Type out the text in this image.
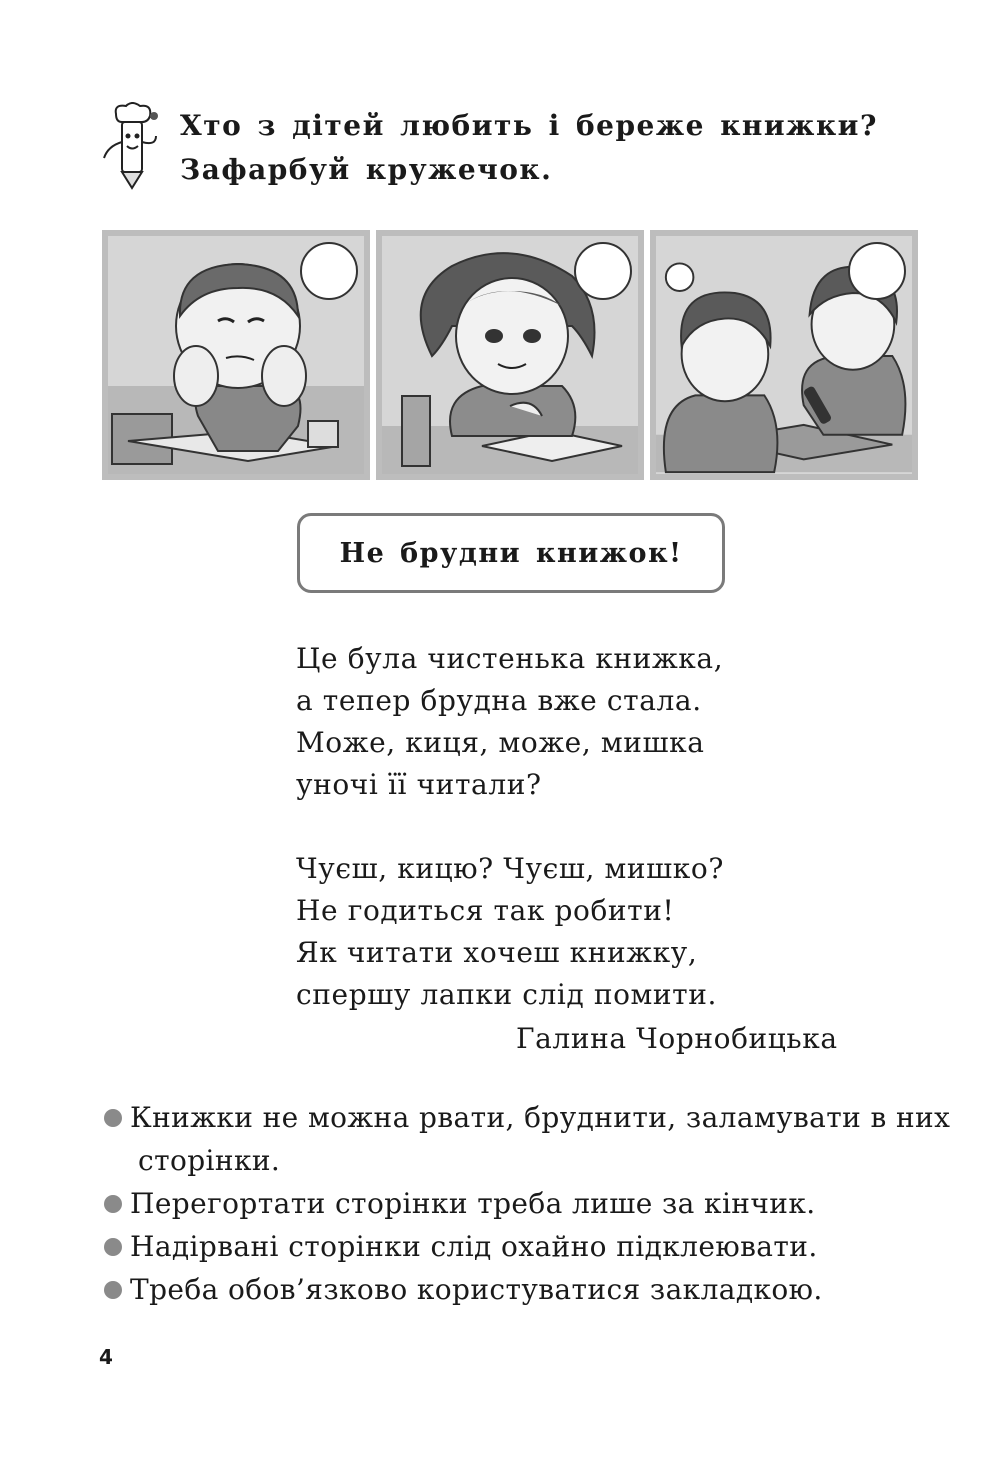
Хто з дітей любить і береже книжки?
Зафарбуй кружечок.
Не брудни книжок!
Це була чистенька книжка,
а тепер брудна вже стала.
Може, киця, може, мишка
уночі її читали?
Чуєш, кицю? Чуєш, мишко?
Не годиться так робити!
Як читати хочеш книжку,
спершу лапки слід помити.
Галина Чорнобицька
Книжки не можна рвати, бруднити, заламувати в них
сторінки.
Перегортати сторінки треба лише за кінчик.
Надірвані сторінки слід охайно підклеювати.
Треба обов’язково користуватися закладкою.
4
